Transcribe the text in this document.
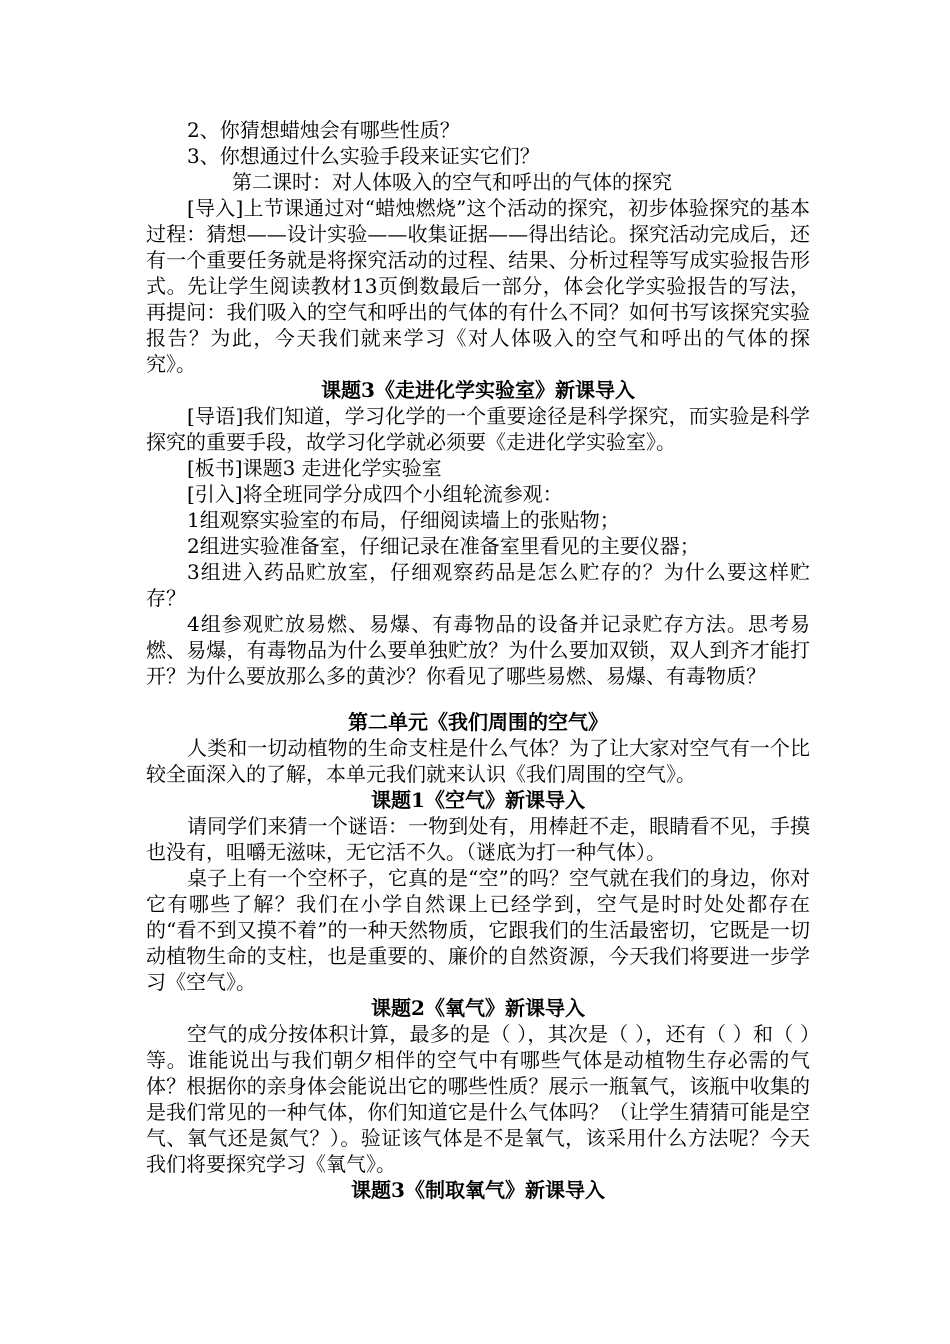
2、你猜想蜡烛会有哪些性质？

3、你想通过什么实验手段来证实它们？

第二课时：对人体吸入的空气和呼出的气体的探究

[导入]上节课通过对“蜡烛燃烧”这个活动的探究，初步体验探究的基本过程：猜想——设计实验——收集证据——得出结论。探究活动完成后，还有一个重要任务就是将探究活动的过程、结果、分析过程等写成实验报告形式。先让学生阅读教材13页倒数最后一部分，体会化学实验报告的写法，再提问：我们吸入的空气和呼出的气体的有什么不同？如何书写该探究实验报告？为此，今天我们就来学习《对人体吸入的空气和呼出的气体的探究》。

课题3《走进化学实验室》新课导入

[导语]我们知道，学习化学的一个重要途径是科学探究，而实验是科学探究的重要手段，故学习化学就必须要《走进化学实验室》。

[板书]课题3 走进化学实验室

[引入]将全班同学分成四个小组轮流参观：

1组观察实验室的布局，仔细阅读墙上的张贴物；

2组进实验准备室，仔细记录在准备室里看见的主要仪器；

3组进入药品贮放室，仔细观察药品是怎么贮存的？为什么要这样贮存？

4组参观贮放易燃、易爆、有毒物品的设备并记录贮存方法。思考易燃、易爆，有毒物品为什么要单独贮放？为什么要加双锁，双人到齐才能打开？为什么要放那么多的黄沙？你看见了哪些易燃、易爆、有毒物质？

第二单元《我们周围的空气》

人类和一切动植物的生命支柱是什么气体？为了让大家对空气有一个比较全面深入的了解，本单元我们就来认识《我们周围的空气》。

课题1《空气》新课导入

请同学们来猜一个谜语：一物到处有，用棒赶不走，眼睛看不见，手摸也没有，咀嚼无滋味，无它活不久。（谜底为打一种气体）。

桌子上有一个空杯子，它真的是“空”的吗？空气就在我们的身边，你对它有哪些了解？我们在小学自然课上已经学到，空气是时时处处都存在的“看不到又摸不着”的一种天然物质，它跟我们的生活最密切，它既是一切动植物生命的支柱，也是重要的、廉价的自然资源，今天我们将要进一步学习《空气》。

课题2《氧气》新课导入

空气的成分按体积计算，最多的是（ ），其次是（ ），还有（ ）和（ ）等。谁能说出与我们朝夕相伴的空气中有哪些气体是动植物生存必需的气体？根据你的亲身体会能说出它的哪些性质？展示一瓶氧气，该瓶中收集的是我们常见的一种气体，你们知道它是什么气体吗？（让学生猜猜可能是空气、氧气还是氮气？）。验证该气体是不是氧气，该采用什么方法呢？今天我们将要探究学习《氧气》。

课题3《制取氧气》新课导入
